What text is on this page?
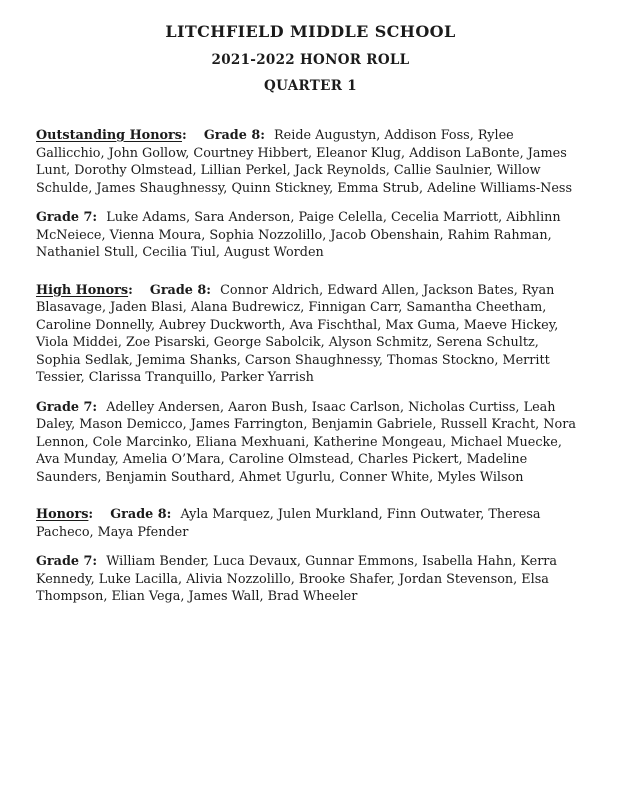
LITCHFIELD MIDDLE SCHOOL
2021-2022 HONOR ROLL
QUARTER 1

Outstanding Honors: Grade 8: Reide Augustyn, Addison Foss, Rylee Gallicchio, John Gollow, Courtney Hibbert, Eleanor Klug, Addison LaBonte, James Lunt, Dorothy Olmstead, Lillian Perkel, Jack Reynolds, Callie Saulnier, Willow Schulde, James Shaughnessy, Quinn Stickney, Emma Strub, Adeline Williams-Ness

Grade 7: Luke Adams, Sara Anderson, Paige Celella, Cecelia Marriott, Aibhlinn McNeiece, Vienna Moura, Sophia Nozzolillo, Jacob Obenshain, Rahim Rahman, Nathaniel Stull, Cecilia Tiul, August Worden

High Honors: Grade 8: Connor Aldrich, Edward Allen, Jackson Bates, Ryan Blasavage, Jaden Blasi, Alana Budrewicz, Finnigan Carr, Samantha Cheetham, Caroline Donnelly, Aubrey Duckworth, Ava Fischthal, Max Guma, Maeve Hickey, Viola Middei, Zoe Pisarski, George Sabolcik, Alyson Schmitz, Serena Schultz, Sophia Sedlak, Jemima Shanks, Carson Shaughnessy, Thomas Stockno, Merritt Tessier, Clarissa Tranquillo, Parker Yarrish

Grade 7: Adelley Andersen, Aaron Bush, Isaac Carlson, Nicholas Curtiss, Leah Daley, Mason Demicco, James Farrington, Benjamin Gabriele, Russell Kracht, Nora Lennon, Cole Marcinko, Eliana Mexhuani, Katherine Mongeau, Michael Muecke, Ava Munday, Amelia O’Mara, Caroline Olmstead, Charles Pickert, Madeline Saunders, Benjamin Southard, Ahmet Ugurlu, Conner White, Myles Wilson

Honors: Grade 8: Ayla Marquez, Julen Murkland, Finn Outwater, Theresa Pacheco, Maya Pfender

Grade 7: William Bender, Luca Devaux, Gunnar Emmons, Isabella Hahn, Kerra Kennedy, Luke Lacilla, Alivia Nozzolillo, Brooke Shafer, Jordan Stevenson, Elsa Thompson, Elian Vega, James Wall, Brad Wheeler
